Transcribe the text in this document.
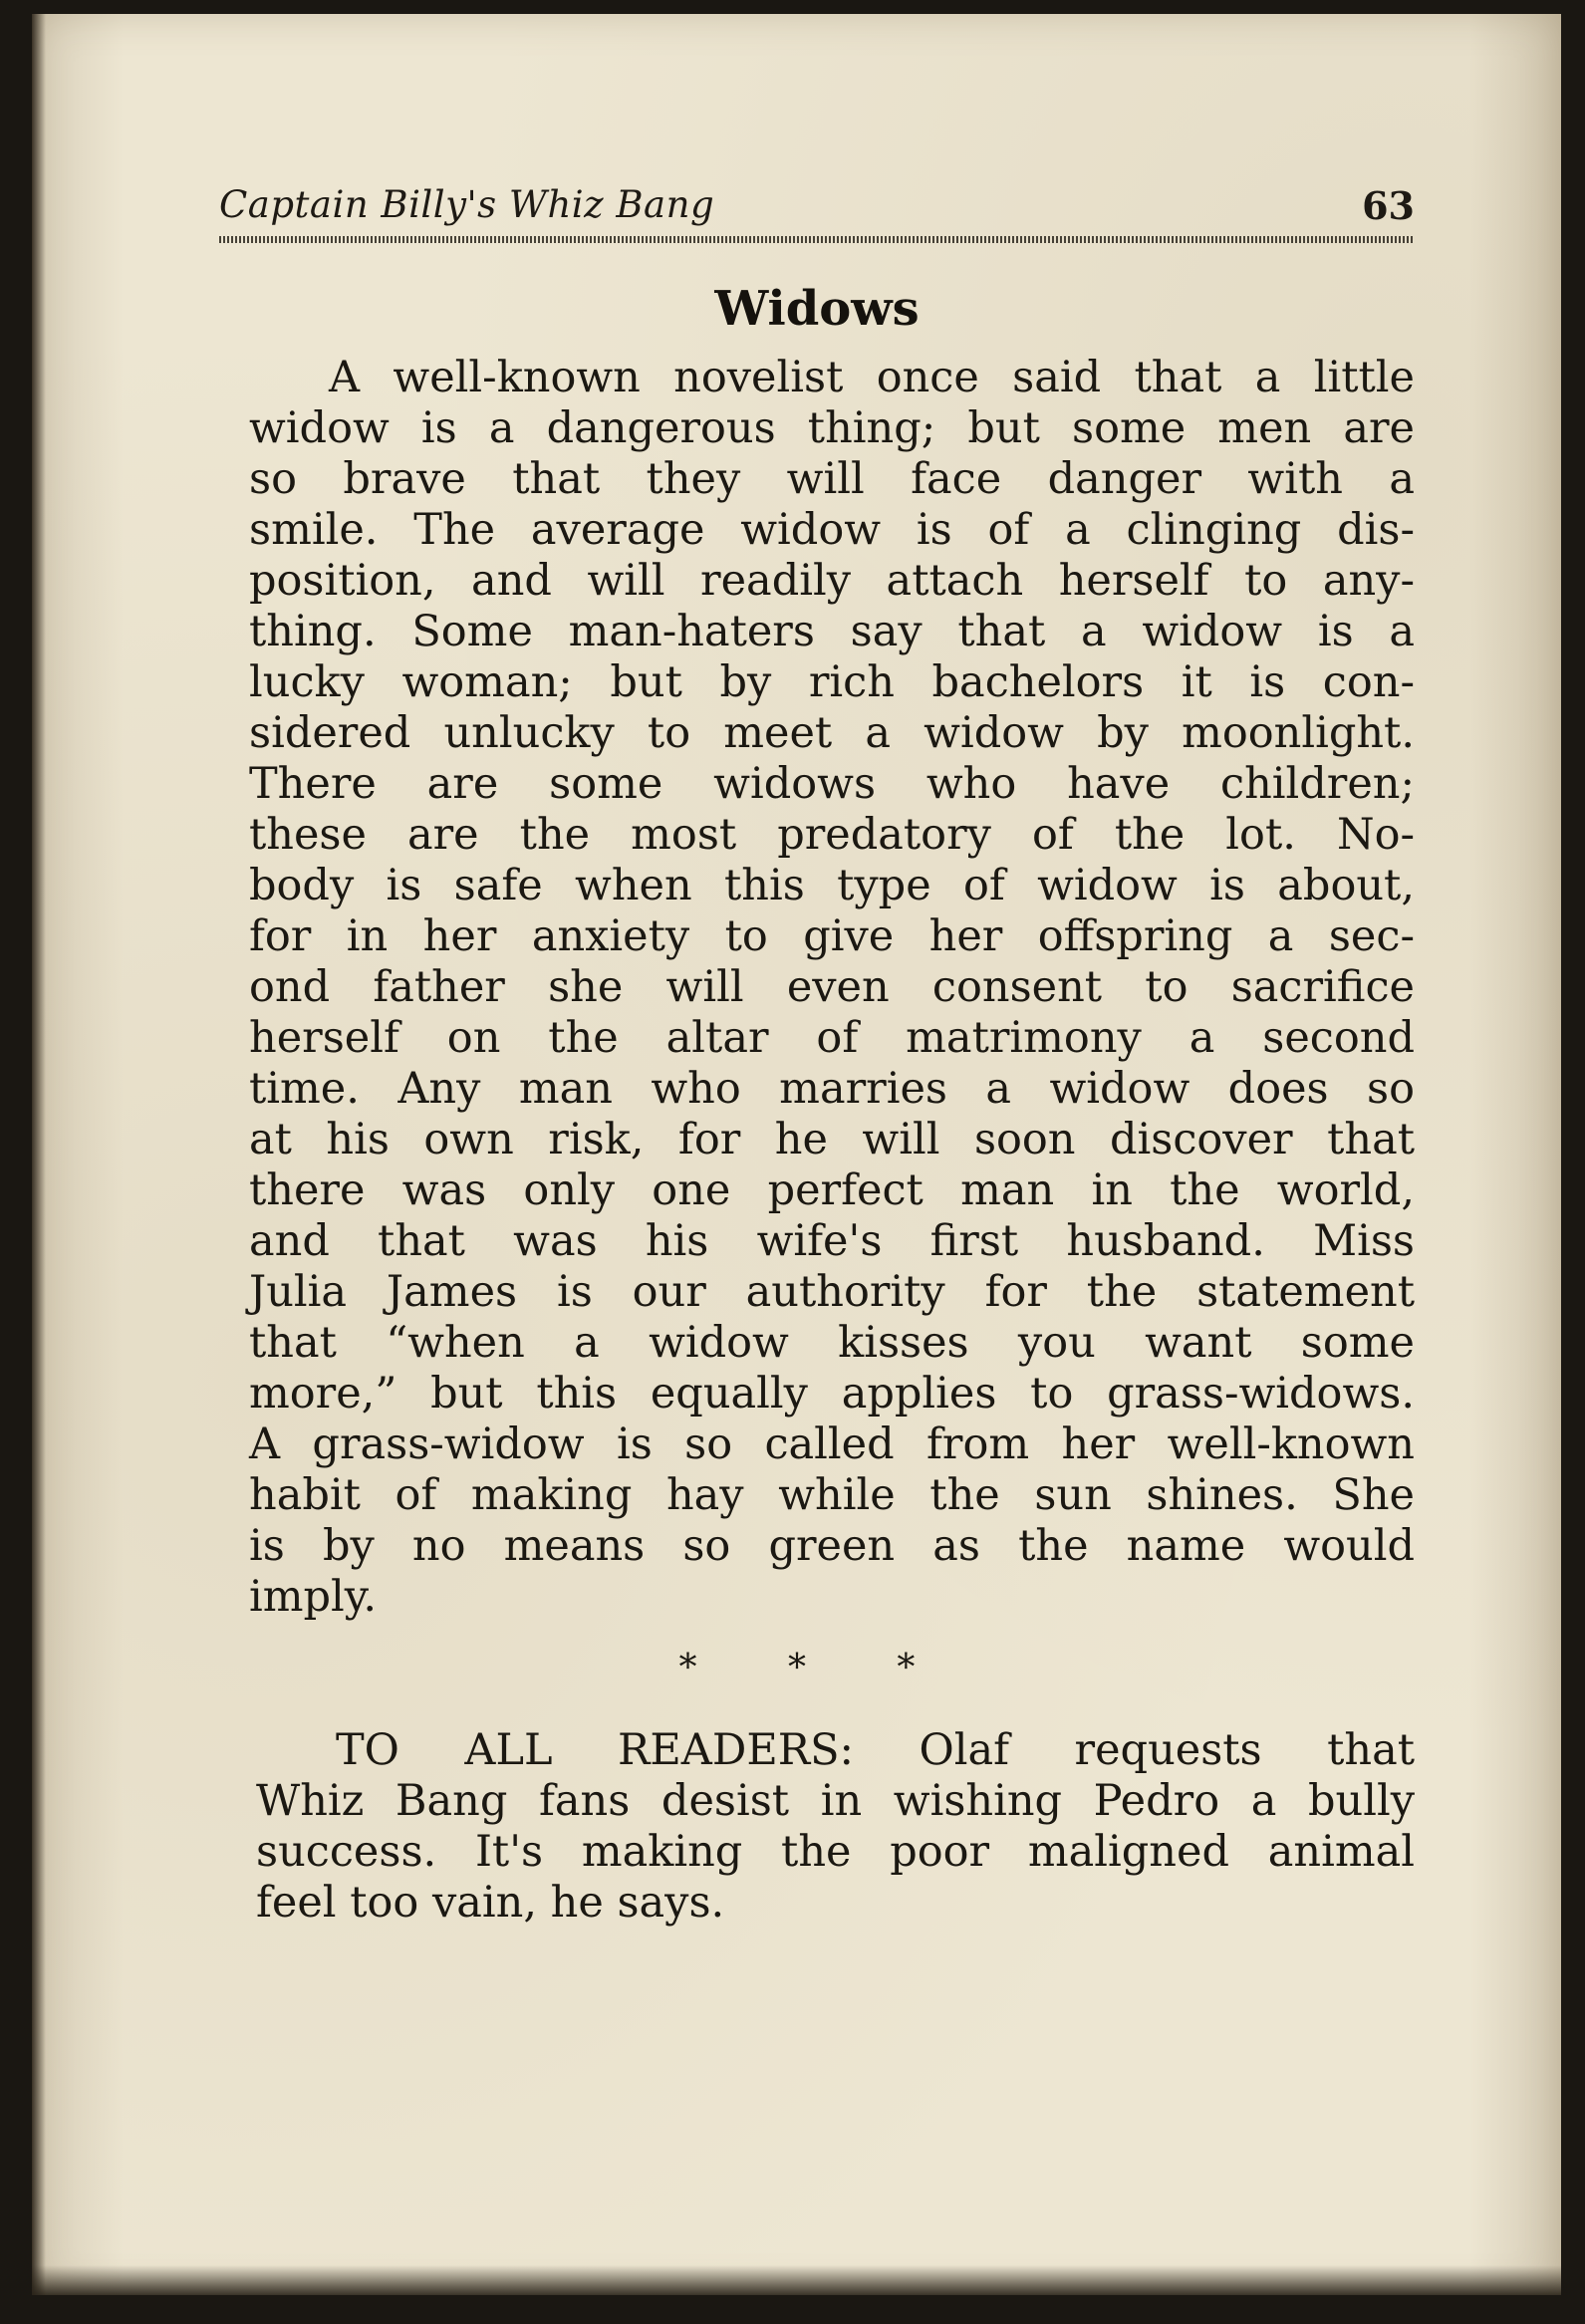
Captain Billy's Whiz Bang	63
Widows
A well-known novelist once said that a little
widow is a dangerous thing; but some men are
so brave that they will face danger with a
smile. The average widow is of a clinging dis-
position, and will readily attach herself to any-
thing. Some man-haters say that a widow is a
lucky woman; but by rich bachelors it is con-
sidered unlucky to meet a widow by moonlight.
There are some widows who have children;
these are the most predatory of the lot. No-
body is safe when this type of widow is about,
for in her anxiety to give her offspring a sec-
ond father she will even consent to sacrifice
herself on the altar of matrimony a second
time. Any man who marries a widow does so
at his own risk, for he will soon discover that
there was only one perfect man in the world,
and that was his wife's first husband. Miss
Julia James is our authority for the statement
that “when a widow kisses you want some
more,” but this equally applies to grass-widows.
A grass-widow is so called from her well-known
habit of making hay while the sun shines. She
is by no means so green as the name would
imply.
* * *
TO ALL READERS: Olaf requests that
Whiz Bang fans desist in wishing Pedro a bully
success. It's making the poor maligned animal
feel too vain, he says.
